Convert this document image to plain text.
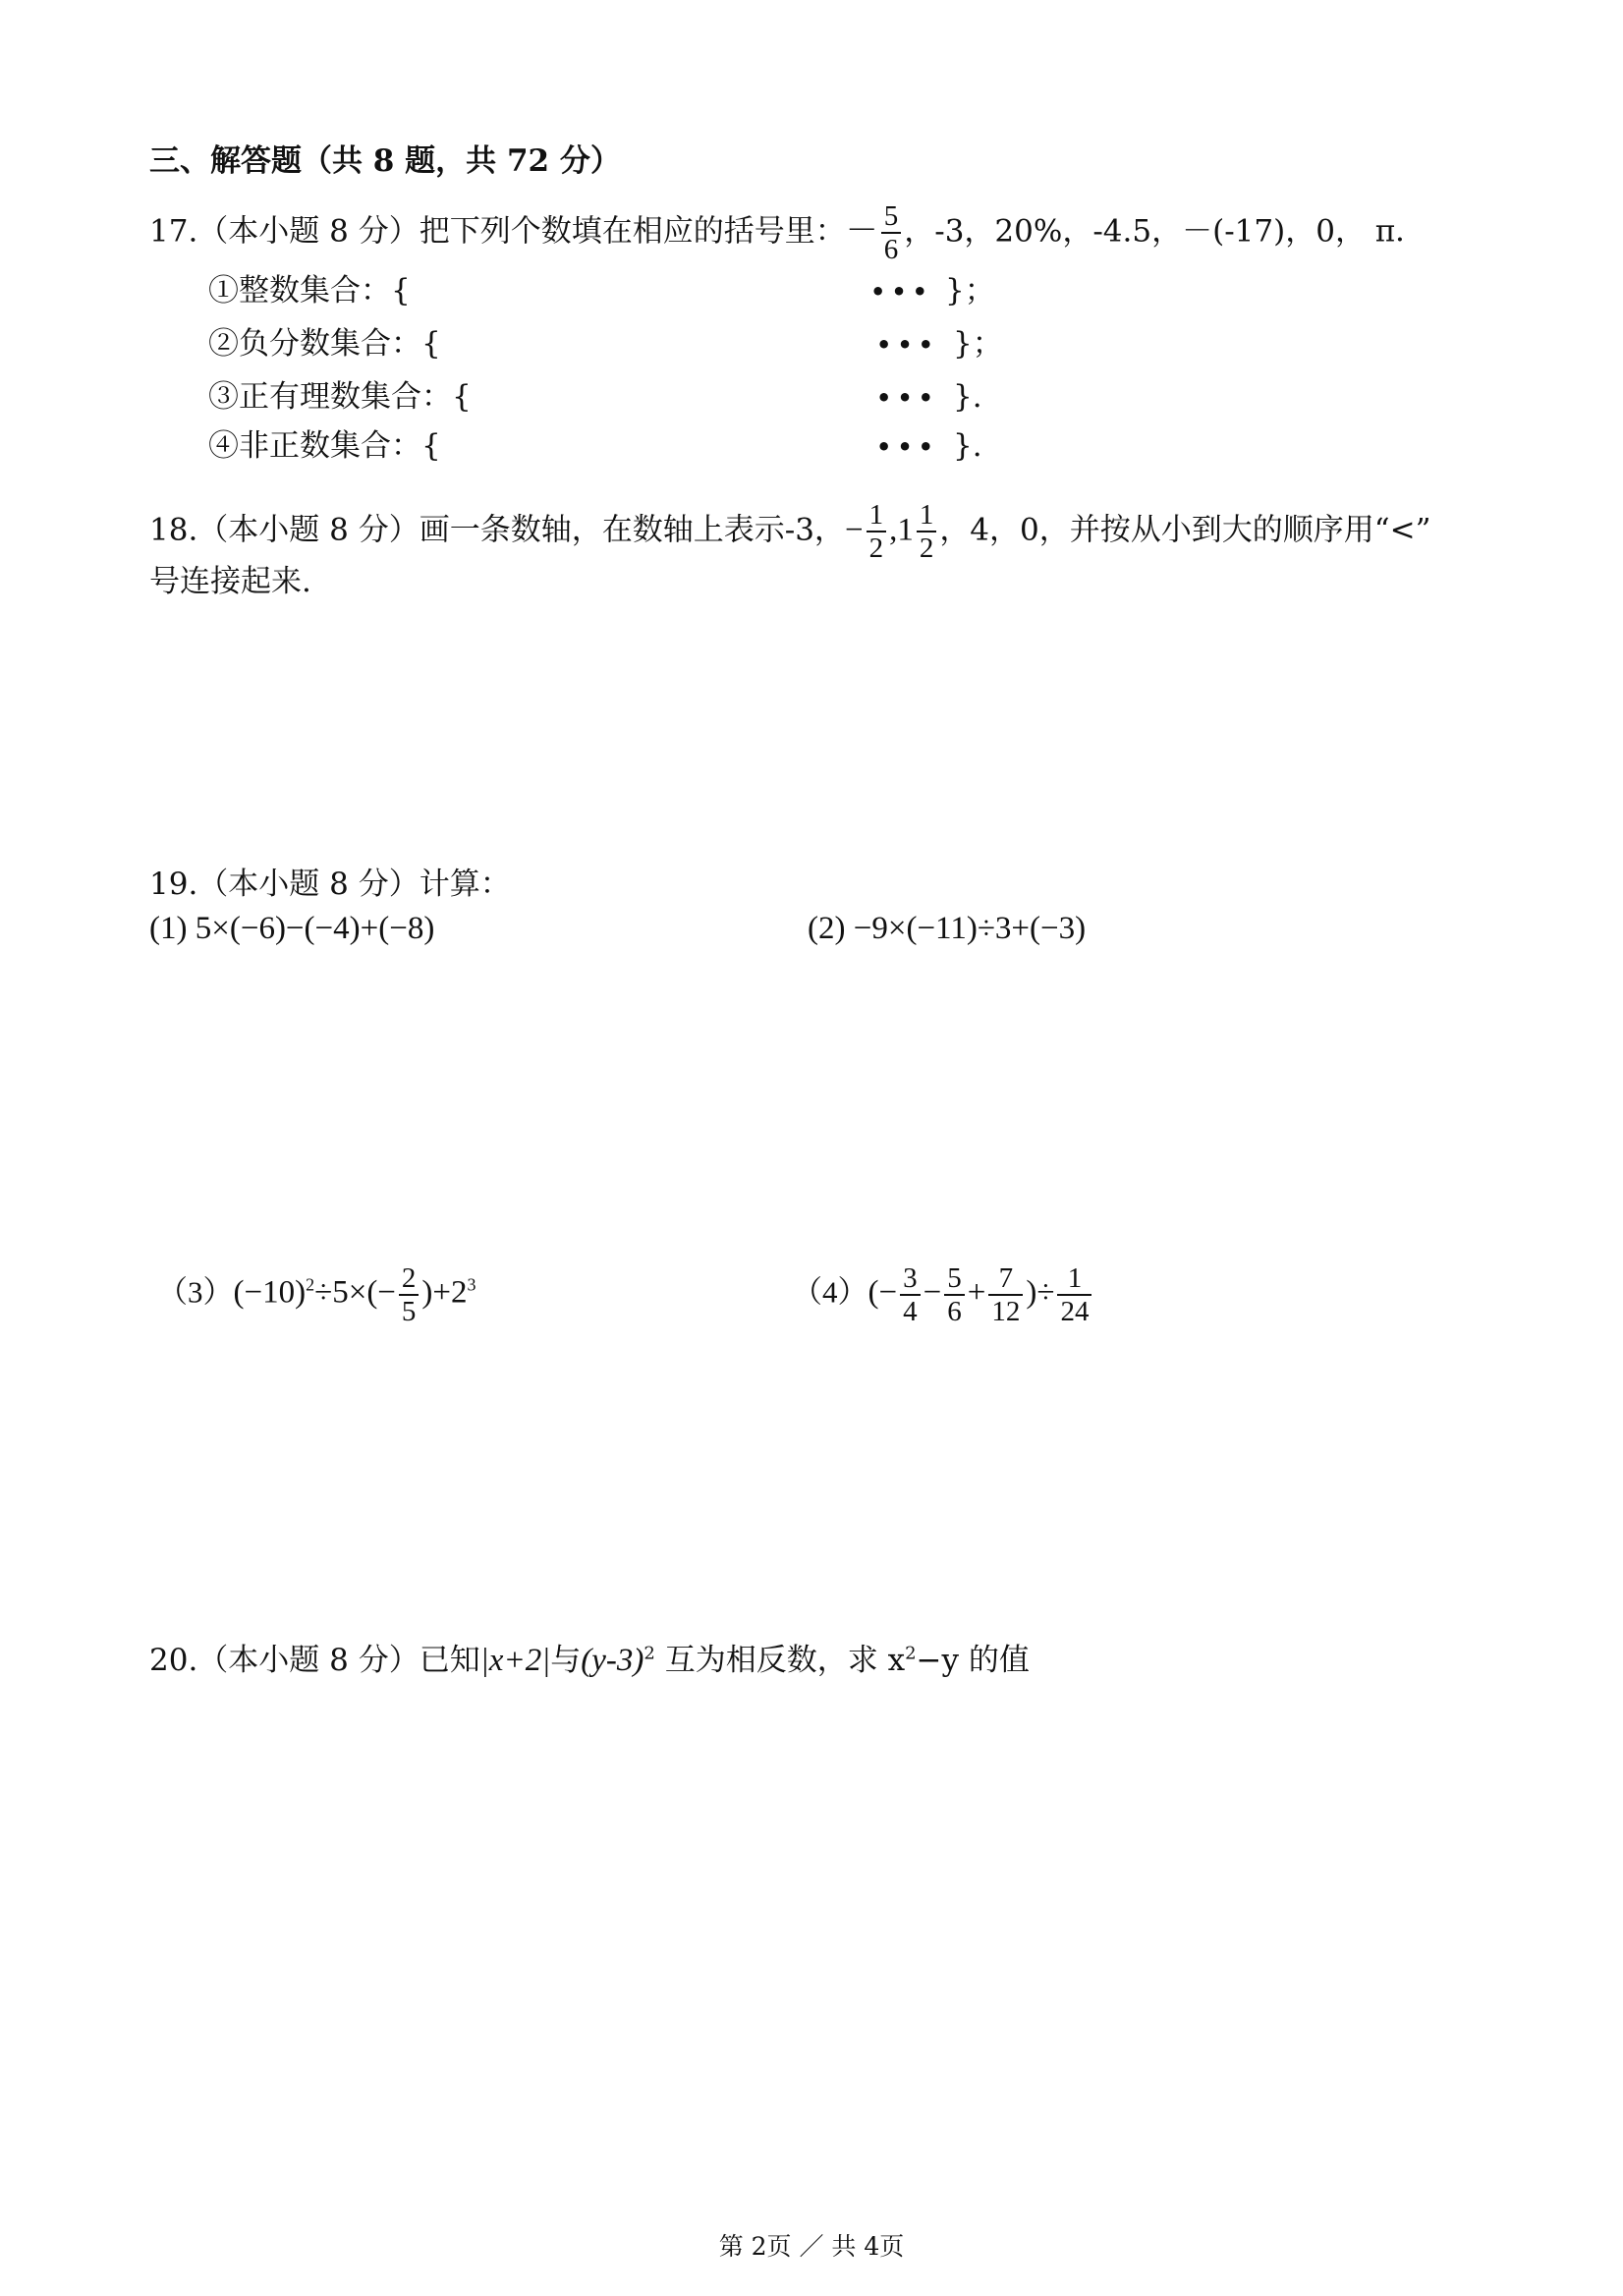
三、解答题（共 8 题，共 72 分）
17.（本小题 8 分）把下列个数填在相应的括号里：－ $\frac{5}{6}$ ，-3，20%，-4.5，－(-17)，0， π．
①整数集合：{	••• }；
②负分数集合：{	••• }；
③正有理数集合：{	••• }.
④非正数集合：{	••• }.
18.（本小题 8 分）画一条数轴，在数轴上表示-3，− $\frac{1}{2} ,1 \frac{1}{2}$ ，4，0，并按从小到大的顺序用“<”
号连接起来.
19.（本小题 8 分）计算：
(1) 5×(−6)−(−4)+(−8)	(2) −9×(−11)÷3+(−3)
$(3)(-10)^2\div 5\times(- \frac{2}{5} )+2^3$	$(4)(- \frac{3}{4} - \frac{5}{6} + \frac{7}{12}$ )÷ $\frac{1}{24}$
20.（本小题 8 分）已知|x+2|与$(y-3)^2$ 互为相反数，求 $x^2-y$ 的值
第 2页 ／ 共 4页
